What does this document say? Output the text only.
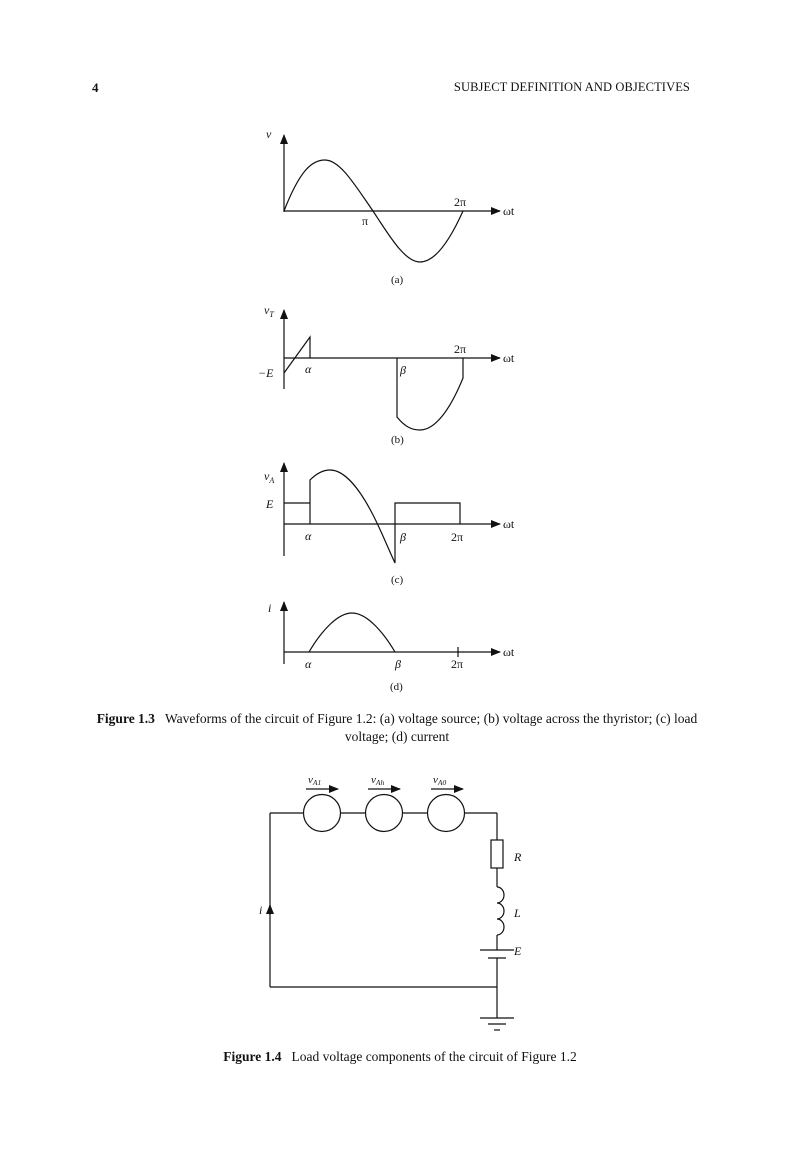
4	SUBJECT DEFINITION AND OBJECTIVES
v
ωt
π
2π
(a)
$v_T$
ωt
−E	α	β
2π
(b)
$v_A$
E
ωt
α	β	2π
(c)
i
ωt
α	β	2π
(d)
vA1	vAh	vA0
R
L
E
i
Figure 1.3 Waveforms of the circuit of Figure 1.2: (a) voltage source; (b) voltage across the thyristor; (c) load voltage; (d) current
Figure 1.4 Load voltage components of the circuit of Figure 1.2
